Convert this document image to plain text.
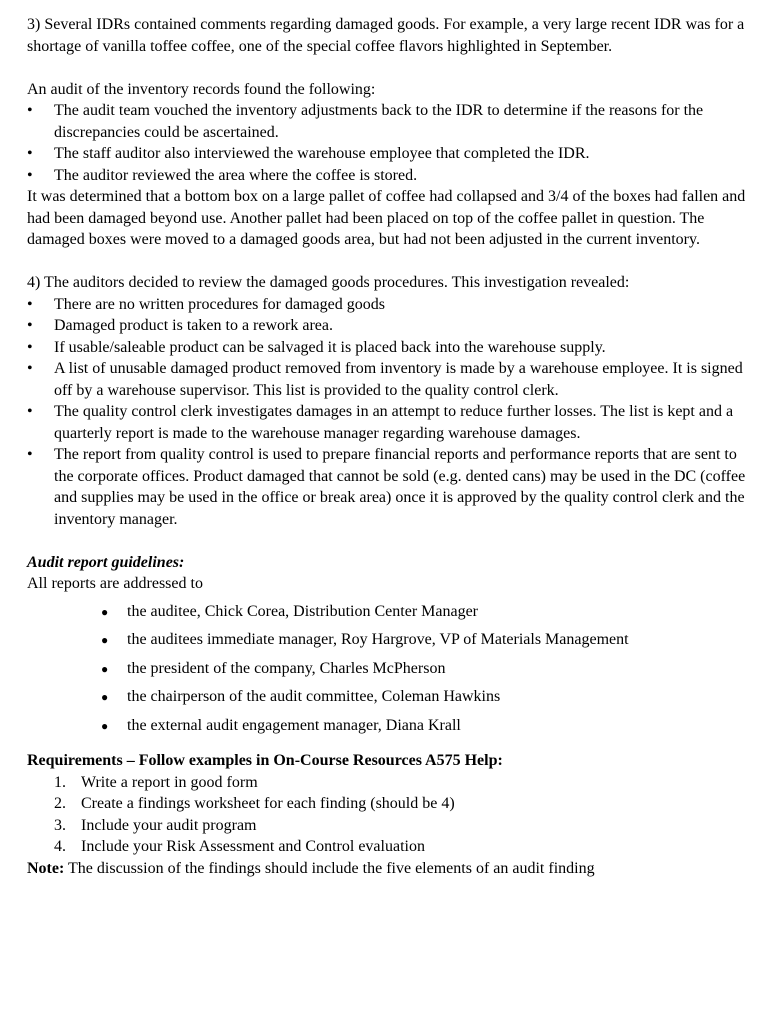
3) Several IDRs contained comments regarding damaged goods. For example, a very large recent IDR was for a shortage of vanilla toffee coffee, one of the special coffee flavors highlighted in September.

An audit of the inventory records found the following:

• The audit team vouched the inventory adjustments back to the IDR to determine if the reasons for the discrepancies could be ascertained.
• The staff auditor also interviewed the warehouse employee that completed the IDR.
• The auditor reviewed the area where the coffee is stored.

It was determined that a bottom box on a large pallet of coffee had collapsed and 3/4 of the boxes had fallen and had been damaged beyond use. Another pallet had been placed on top of the coffee pallet in question. The damaged boxes were moved to a damaged goods area, but had not been adjusted in the current inventory.

4) The auditors decided to review the damaged goods procedures. This investigation revealed:

• There are no written procedures for damaged goods
• Damaged product is taken to a rework area.
• If usable/saleable product can be salvaged it is placed back into the warehouse supply.
• A list of unusable damaged product removed from inventory is made by a warehouse employee. It is signed off by a warehouse supervisor. This list is provided to the quality control clerk.
• The quality control clerk investigates damages in an attempt to reduce further losses. The list is kept and a quarterly report is made to the warehouse manager regarding warehouse damages.
• The report from quality control is used to prepare financial reports and performance reports that are sent to the corporate offices. Product damaged that cannot be sold (e.g. dented cans) may be used in the DC (coffee and supplies may be used in the office or break area) once it is approved by the quality control clerk and the inventory manager.

Audit report guidelines:

All reports are addressed to

● the auditee, Chick Corea, Distribution Center Manager
● the auditees immediate manager, Roy Hargrove, VP of Materials Management
● the president of the company, Charles McPherson
● the chairperson of the audit committee, Coleman Hawkins
● the external audit engagement manager, Diana Krall

Requirements – Follow examples in On-Course Resources A575 Help:

1. Write a report in good form
2. Create a findings worksheet for each finding (should be 4)
3. Include your audit program
4. Include your Risk Assessment and Control evaluation

Note: The discussion of the findings should include the five elements of an audit finding
